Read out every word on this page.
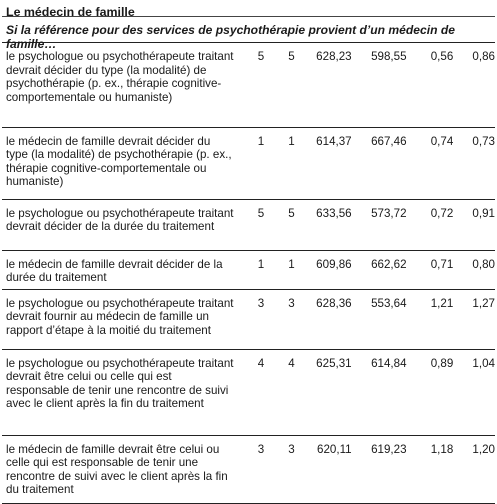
Le médecin de famille
Si la référence pour des services de psychothérapie provient d’un médecin de famille…
le psychologue ou psychothérapeute traitant devrait décider du type (la modalité) de psychothérapie (p. ex., thérapie cognitive-comportementale ou humaniste)	5	5	628,23	598,55	0,56	0,86
le médecin de famille devrait décider du type (la modalité) de psychothérapie (p. ex., thérapie cognitive-comportementale ou humaniste)	1	1	614,37	667,46	0,74	0,73
le psychologue ou psychothérapeute traitant devrait décider de la durée du traitement	5	5	633,56	573,72	0,72	0,91
le médecin de famille devrait décider de la durée du traitement	1	1	609,86	662,62	0,71	0,80
le psychologue ou psychothérapeute traitant devrait fournir au médecin de famille un rapport d’étape à la moitié du traitement	3	3	628,36	553,64	1,21	1,27
le psychologue ou psychothérapeute traitant devrait être celui ou celle qui est responsable de tenir une rencontre de suivi avec le client après la fin du traitement	4	4	625,31	614,84	0,89	1,04
le médecin de famille devrait être celui ou celle qui est responsable de tenir une rencontre de suivi avec le client après la fin du traitement	3	3	620,11	619,23	1,18	1,20
